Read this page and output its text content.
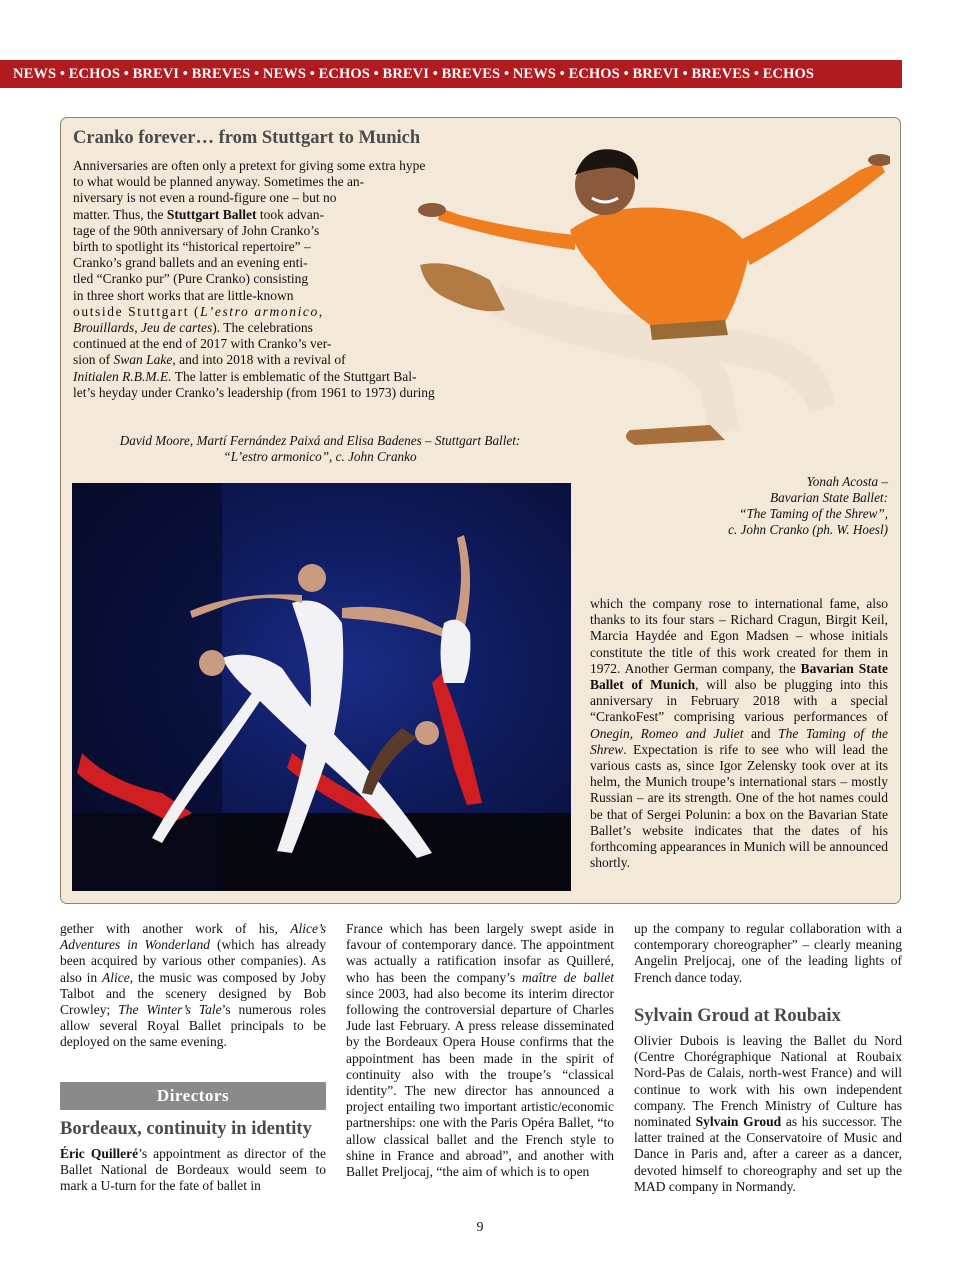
NEWS • ECHOS • BREVI • BREVES • NEWS • ECHOS • BREVI • BREVES • NEWS • ECHOS • BREVI • BREVES • ECHOS
Cranko forever… from Stuttgart to Munich
Anniversaries are often only a pretext for giving some extra hype
to what would be planned anyway. Sometimes the an-
niversary is not even a round-figure one – but no
matter. Thus, the Stuttgart Ballet took advan-
tage of the 90th anniversary of John Cranko’s
birth to spotlight its “historical repertoire” –
Cranko’s grand ballets and an evening enti-
tled “Cranko pur” (Pure Cranko) consisting
in three short works that are little-known
outside Stuttgart (L’estro armonico,
Brouillards, Jeu de cartes). The celebrations
continued at the end of 2017 with Cranko’s ver-
sion of Swan Lake, and into 2018 with a revival of
Initialen R.B.M.E. The latter is emblematic of the Stuttgart Bal-
let’s heyday under Cranko’s leadership (from 1961 to 1973) during
David Moore, Martí Fernández Paixá and Elisa Badenes – Stuttgart Ballet:
“L’estro armonico”, c. John Cranko
Yonah Acosta –
Bavarian State Ballet:
“The Taming of the Shrew”,
c. John Cranko (ph. W. Hoesl)
which the company rose to international fame, also thanks to its four stars – Richard Cragun, Birgit Keil, Marcia Haydée and Egon Madsen – whose initials constitute the title of this work created for them in 1972. Another German company, the Bavarian State Ballet of Munich, will also be plugging into this anniversary in February 2018 with a special “CrankoFest” comprising various performances of Onegin, Romeo and Juliet and The Taming of the Shrew. Expectation is rife to see who will lead the various casts as, since Igor Zelensky took over at its helm, the Munich troupe’s international stars – mostly Russian – are its strength. One of the hot names could be that of Sergei Polunin: a box on the Bavarian State Ballet’s website indicates that the dates of his forthcoming appearances in Munich will be announced shortly.
gether with another work of his, Alice’s Adventures in Wonderland (which has already been acquired by various other companies). As also in Alice, the music was composed by Joby Talbot and the scenery designed by Bob Crowley; The Winter’s Tale’s numerous roles allow several Royal Ballet principals to be deployed on the same evening.
Directors
Bordeaux, continuity in identity
Éric Quilleré’s appointment as director of the Ballet National de Bordeaux would seem to mark a U-turn for the fate of ballet in
France which has been largely swept aside in favour of contemporary dance. The appointment was actually a ratification insofar as Quilleré, who has been the company’s maître de ballet since 2003, had also become its interim director following the controversial departure of Charles Jude last February. A press release disseminated by the Bordeaux Opera House confirms that the appointment has been made in the spirit of continuity also with the troupe’s “classical identity”. The new director has announced a project entailing two important artistic/economic partnerships: one with the Paris Opéra Ballet, “to allow classical ballet and the French style to shine in France and abroad”, and another with Ballet Preljocaj, “the aim of which is to open
up the company to regular collaboration with a contemporary choreographer” – clearly meaning Angelin Preljocaj, one of the leading lights of French dance today.
Sylvain Groud at Roubaix
Olivier Dubois is leaving the Ballet du Nord (Centre Chorégraphique National at Roubaix Nord-Pas de Calais, north-west France) and will continue to work with his own independent company. The French Ministry of Culture has nominated Sylvain Groud as his successor. The latter trained at the Conservatoire of Music and Dance in Paris and, after a career as a dancer, devoted himself to choreography and set up the MAD company in Normandy.
9
